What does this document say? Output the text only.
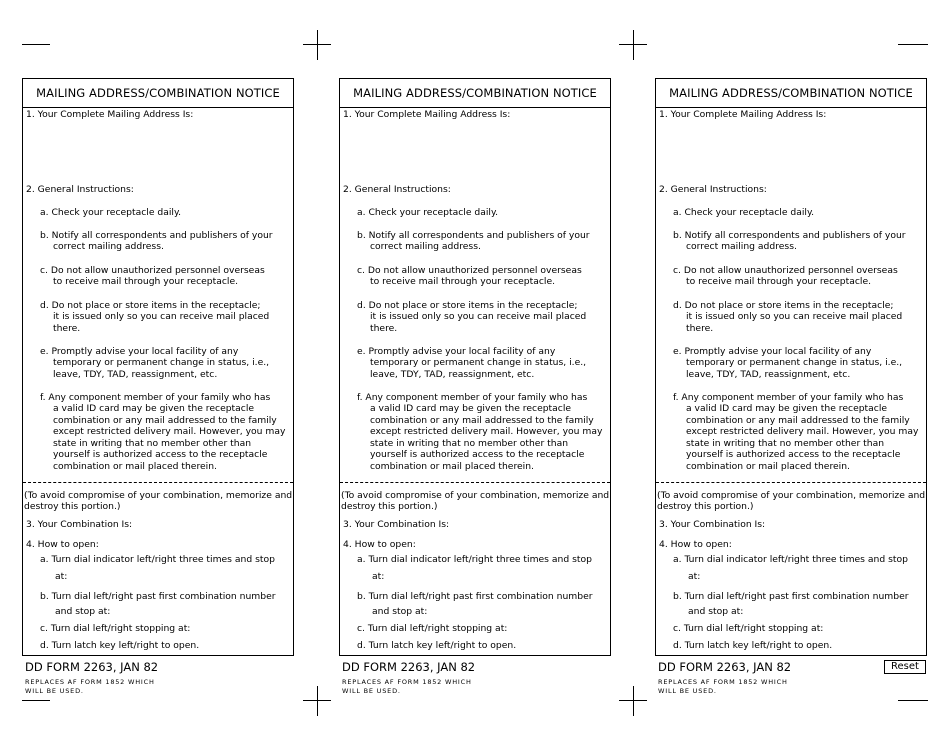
MAILING ADDRESS/COMBINATION NOTICE
1. Your Complete Mailing Address Is:
2. General Instructions:
a. Check your receptacle daily.
b. Notify all correspondents and publishers of your
correct mailing address.
c. Do not allow unauthorized personnel overseas
to receive mail through your receptacle.
d. Do not place or store items in the receptacle;
it is issued only so you can receive mail placed
there.
e. Promptly advise your local facility of any
temporary or permanent change in status, i.e.,
leave, TDY, TAD, reassignment, etc.
f. Any component member of your family who has
a valid ID card may be given the receptacle
combination or any mail addressed to the family
except restricted delivery mail. However, you may
state in writing that no member other than
yourself is authorized access to the receptacle
combination or mail placed therein.
(To avoid compromise of your combination, memorize and
destroy this portion.)
3. Your Combination Is:
4. How to open:
a. Turn dial indicator left/right three times and stop
at:
b. Turn dial left/right past first combination number
and stop at:
c. Turn dial left/right stopping at:
d. Turn latch key left/right to open.
DD FORM 2263, JAN 82
REPLACES AF FORM 1852 WHICH
WILL BE USED.
MAILING ADDRESS/COMBINATION NOTICE
1. Your Complete Mailing Address Is:
2. General Instructions:
a. Check your receptacle daily.
b. Notify all correspondents and publishers of your
correct mailing address.
c. Do not allow unauthorized personnel overseas
to receive mail through your receptacle.
d. Do not place or store items in the receptacle;
it is issued only so you can receive mail placed
there.
e. Promptly advise your local facility of any
temporary or permanent change in status, i.e.,
leave, TDY, TAD, reassignment, etc.
f. Any component member of your family who has
a valid ID card may be given the receptacle
combination or any mail addressed to the family
except restricted delivery mail. However, you may
state in writing that no member other than
yourself is authorized access to the receptacle
combination or mail placed therein.
(To avoid compromise of your combination, memorize and
destroy this portion.)
3. Your Combination Is:
4. How to open:
a. Turn dial indicator left/right three times and stop
at:
b. Turn dial left/right past first combination number
and stop at:
c. Turn dial left/right stopping at:
d. Turn latch key left/right to open.
DD FORM 2263, JAN 82
REPLACES AF FORM 1852 WHICH
WILL BE USED.
MAILING ADDRESS/COMBINATION NOTICE
1. Your Complete Mailing Address Is:
2. General Instructions:
a. Check your receptacle daily.
b. Notify all correspondents and publishers of your
correct mailing address.
c. Do not allow unauthorized personnel overseas
to receive mail through your receptacle.
d. Do not place or store items in the receptacle;
it is issued only so you can receive mail placed
there.
e. Promptly advise your local facility of any
temporary or permanent change in status, i.e.,
leave, TDY, TAD, reassignment, etc.
f. Any component member of your family who has
a valid ID card may be given the receptacle
combination or any mail addressed to the family
except restricted delivery mail. However, you may
state in writing that no member other than
yourself is authorized access to the receptacle
combination or mail placed therein.
(To avoid compromise of your combination, memorize and
destroy this portion.)
3. Your Combination Is:
4. How to open:
a. Turn dial indicator left/right three times and stop
at:
b. Turn dial left/right past first combination number
and stop at:
c. Turn dial left/right stopping at:
d. Turn latch key left/right to open.
DD FORM 2263, JAN 82
REPLACES AF FORM 1852 WHICH
WILL BE USED.
Reset
